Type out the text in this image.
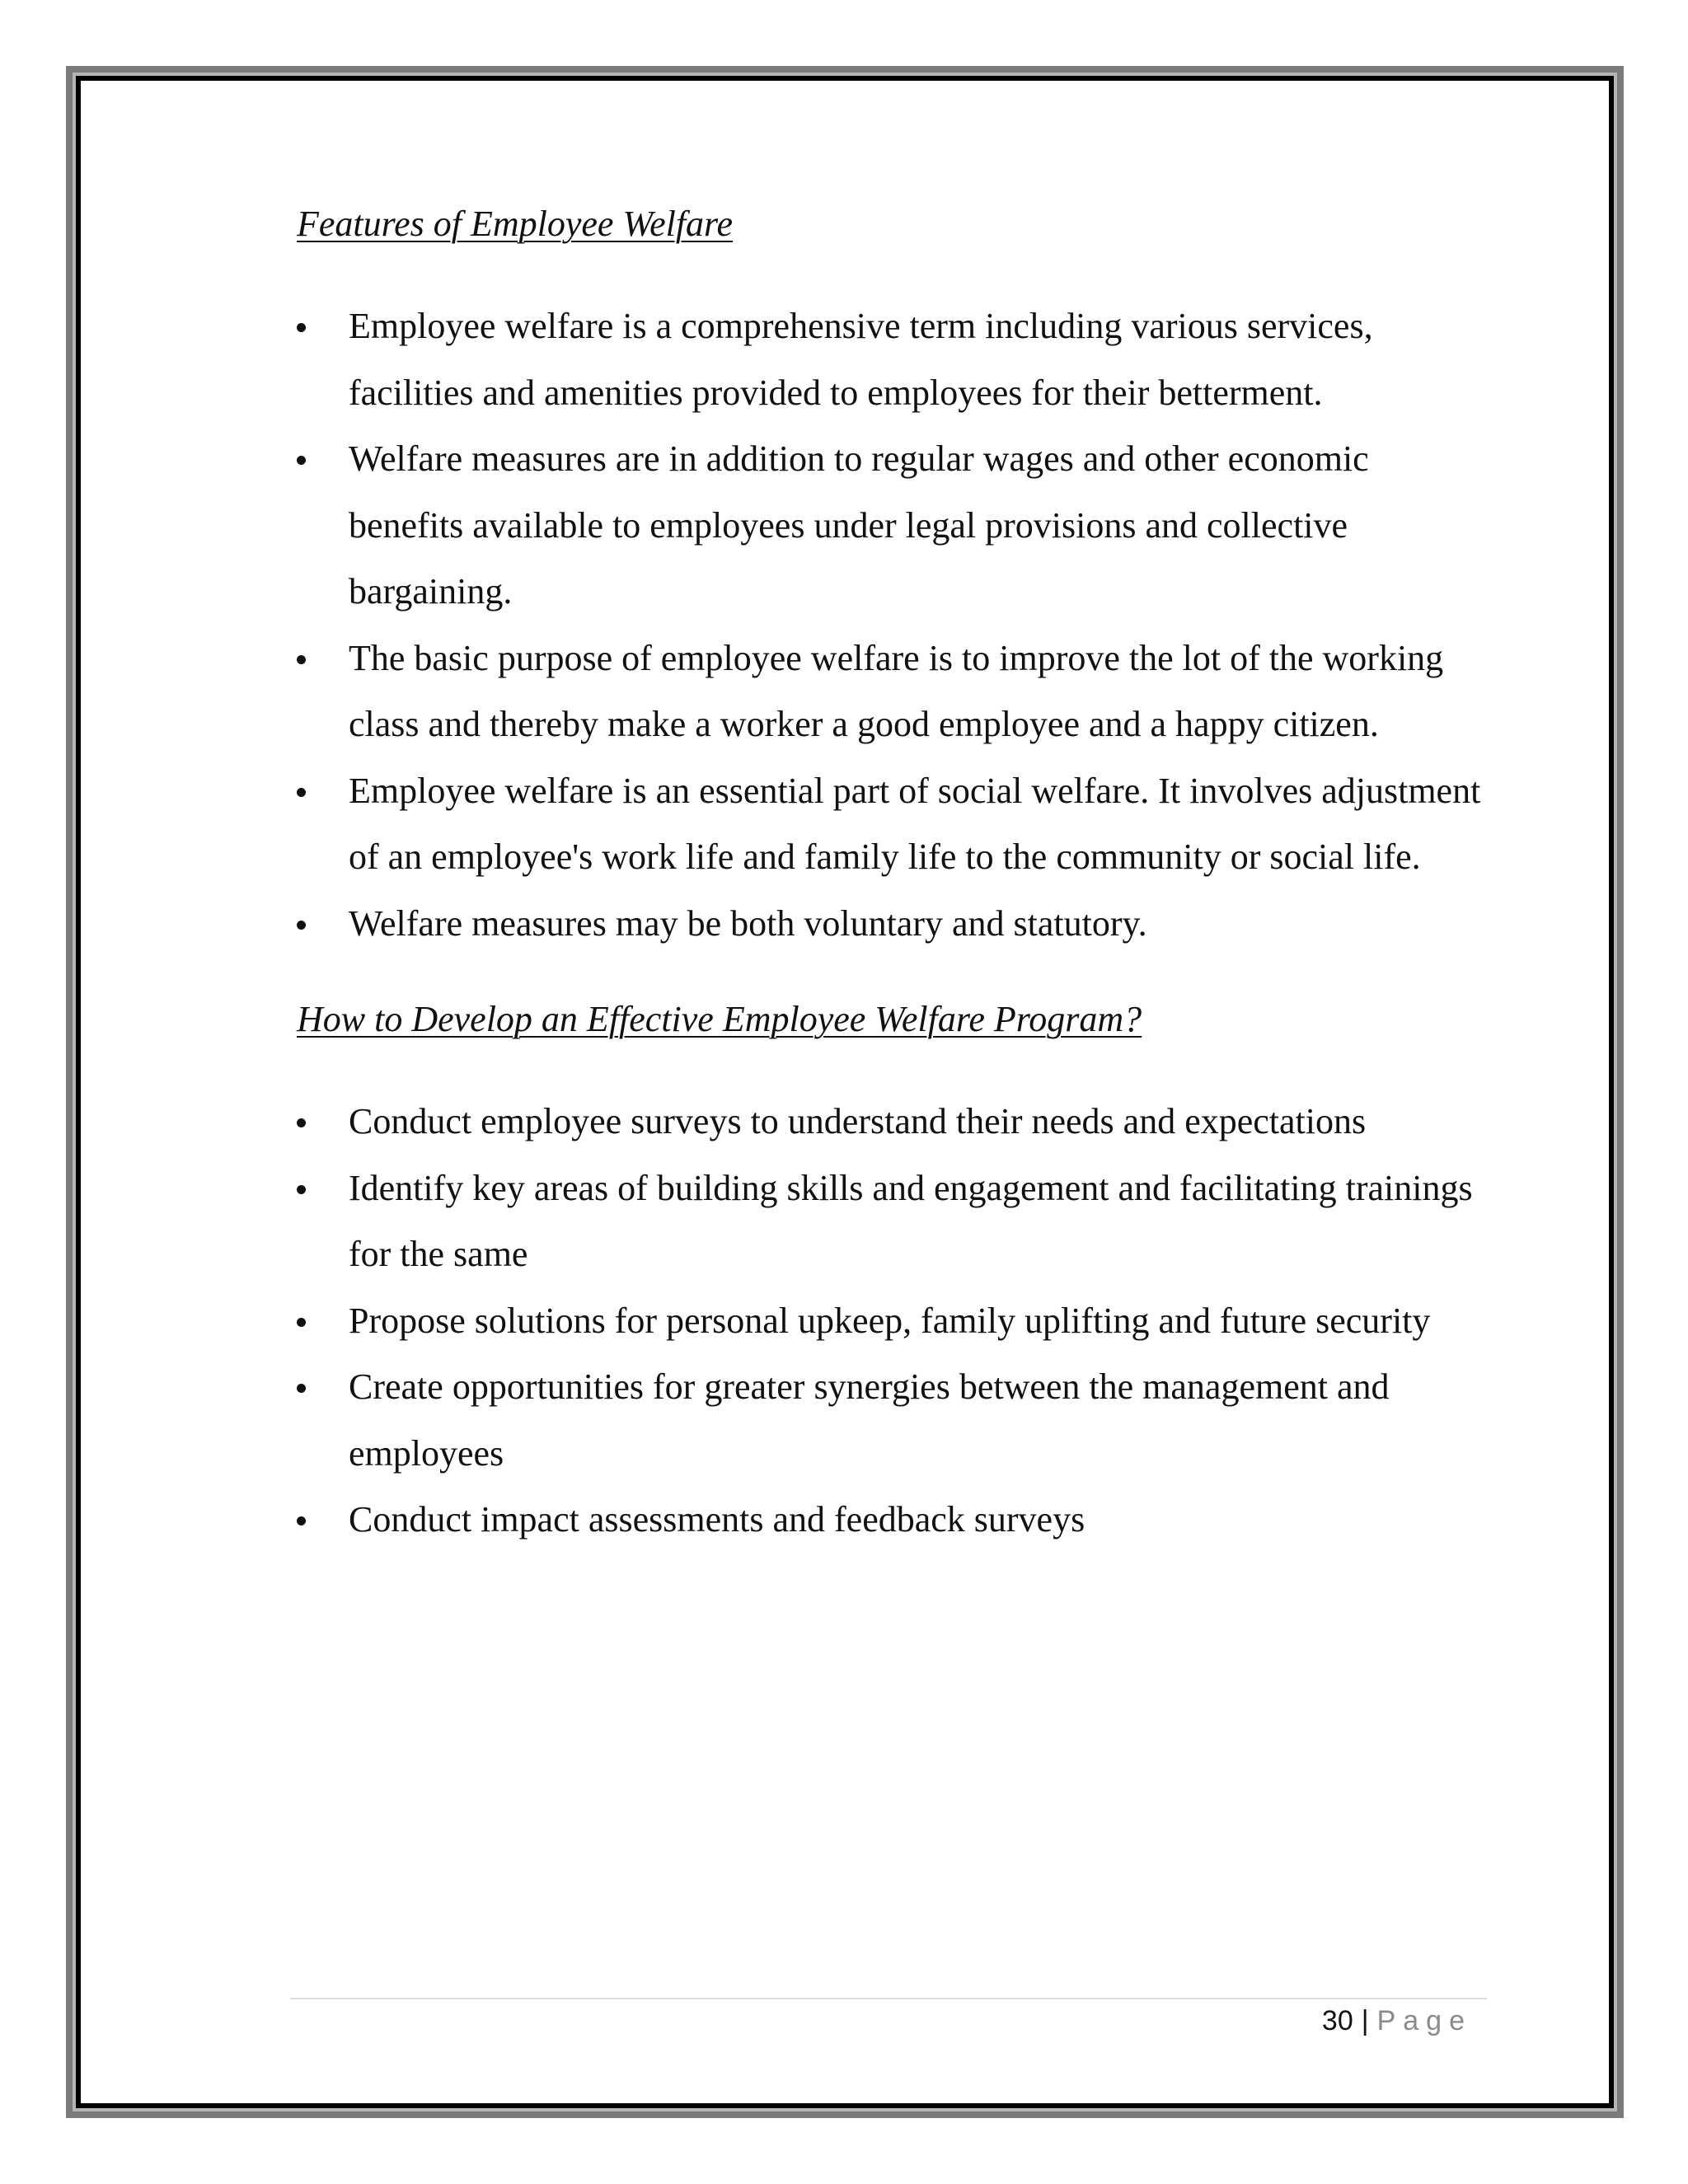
Features of Employee Welfare
Employee welfare is a comprehensive term including various services, facilities and amenities provided to employees for their betterment.
Welfare measures are in addition to regular wages and other economic benefits available to employees under legal provisions and collective bargaining.
The basic purpose of employee welfare is to improve the lot of the working class and thereby make a worker a good employee and a happy citizen.
Employee welfare is an essential part of social welfare. It involves adjustment of an employee's work life and family life to the community or social life.
Welfare measures may be both voluntary and statutory.
How to Develop an Effective Employee Welfare Program?
Conduct employee surveys to understand their needs and expectations
Identify key areas of building skills and engagement and facilitating trainings for the same
Propose solutions for personal upkeep, family uplifting and future security
Create opportunities for greater synergies between the management and employees
Conduct impact assessments and feedback surveys
30 | Page
